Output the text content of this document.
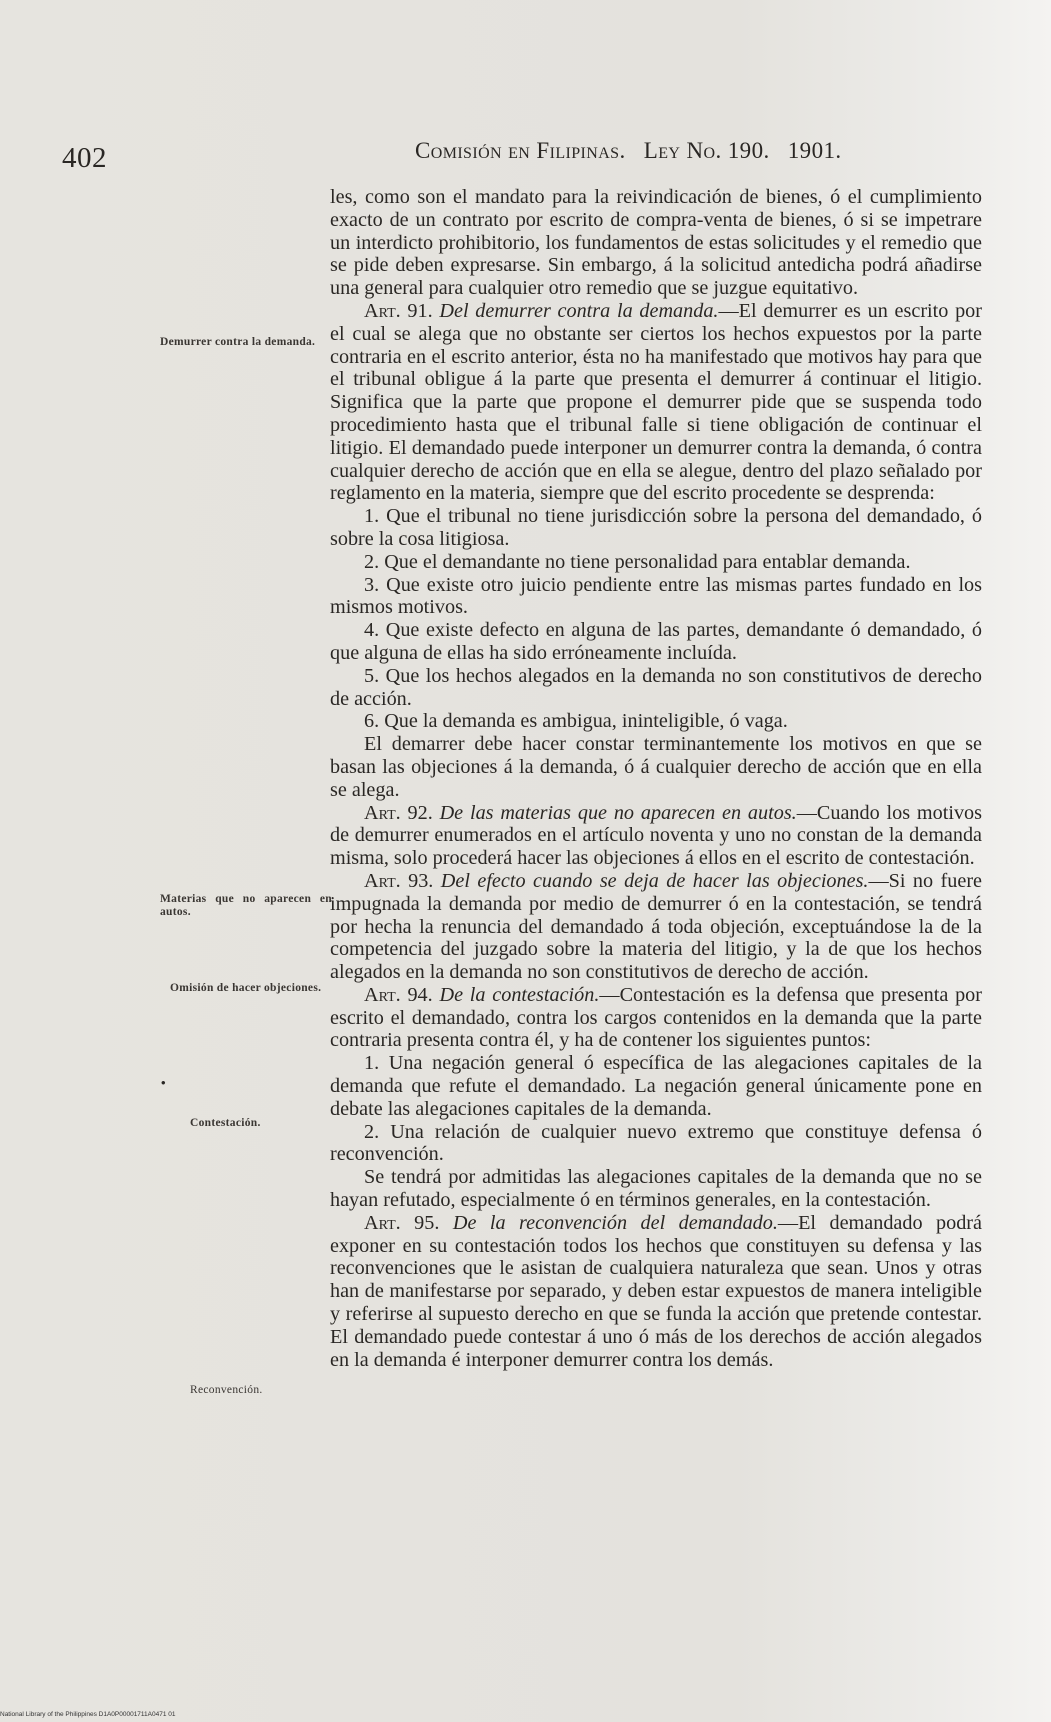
402	Comisión en Filipinas. Ley No. 190. 1901.
Demurrer contra la demanda.
Materias que no aparecen en autos.
Omisión de hacer objeciones.
•
Contestación.
Reconvención.

les, como son el mandato para la reivindicación de bienes, ó el cumplimiento exacto de un contrato por escrito de compra-venta de bienes, ó si se impetrare un interdicto prohibitorio, los fundamentos de estas solicitudes y el remedio que se pide deben expresarse. Sin embargo, á la solicitud antedicha podrá añadirse una general para cualquier otro remedio que se juzgue equitativo.

Art. 91. Del demurrer contra la demanda.—El demurrer es un escrito por el cual se alega que no obstante ser ciertos los hechos expuestos por la parte contraria en el escrito anterior, ésta no ha manifestado que motivos hay para que el tribunal obligue á la parte que presenta el demurrer á continuar el litigio. Significa que la parte que propone el demurrer pide que se suspenda todo procedimiento hasta que el tribunal falle si tiene obligación de continuar el litigio. El demandado puede interponer un demurrer contra la demanda, ó contra cualquier derecho de acción que en ella se alegue, dentro del plazo señalado por reglamento en la materia, siempre que del escrito procedente se desprenda:

1. Que el tribunal no tiene jurisdicción sobre la persona del demandado, ó sobre la cosa litigiosa.

2. Que el demandante no tiene personalidad para entablar demanda.

3. Que existe otro juicio pendiente entre las mismas partes fundado en los mismos motivos.

4. Que existe defecto en alguna de las partes, demandante ó demandado, ó que alguna de ellas ha sido erróneamente incluída.

5. Que los hechos alegados en la demanda no son constitutivos de derecho de acción.

6. Que la demanda es ambigua, ininteligible, ó vaga.

El demarrer debe hacer constar terminantemente los motivos en que se basan las objeciones á la demanda, ó á cualquier derecho de acción que en ella se alega.

Art. 92. De las materias que no aparecen en autos.—Cuando los motivos de demurrer enumerados en el artículo noventa y uno no constan de la demanda misma, solo procederá hacer las objeciones á ellos en el escrito de contestación.

Art. 93. Del efecto cuando se deja de hacer las objeciones.—Si no fuere impugnada la demanda por medio de demurrer ó en la contestación, se tendrá por hecha la renuncia del demandado á toda objeción, exceptuándose la de la competencia del juzgado sobre la materia del litigio, y la de que los hechos alegados en la demanda no son constitutivos de derecho de acción.

Art. 94. De la contestación.—Contestación es la defensa que presenta por escrito el demandado, contra los cargos contenidos en la demanda que la parte contraria presenta contra él, y ha de contener los siguientes puntos:

1. Una negación general ó específica de las alegaciones capitales de la demanda que refute el demandado. La negación general únicamente pone en debate las alegaciones capitales de la demanda.

2. Una relación de cualquier nuevo extremo que constituye defensa ó reconvención.

Se tendrá por admitidas las alegaciones capitales de la demanda que no se hayan refutado, especialmente ó en términos generales, en la contestación.

Art. 95. De la reconvención del demandado.—El demandado podrá exponer en su contestación todos los hechos que constituyen su defensa y las reconvenciones que le asistan de cualquiera naturaleza que sean. Unos y otras han de manifestarse por separado, y deben estar expuestos de manera inteligible y referirse al supuesto derecho en que se funda la acción que pretende contestar. El demandado puede contestar á uno ó más de los derechos de acción alegados en la demanda é interponer demurrer contra los demás.

National Library of the Philippines D1A0P00001711A0471 01
